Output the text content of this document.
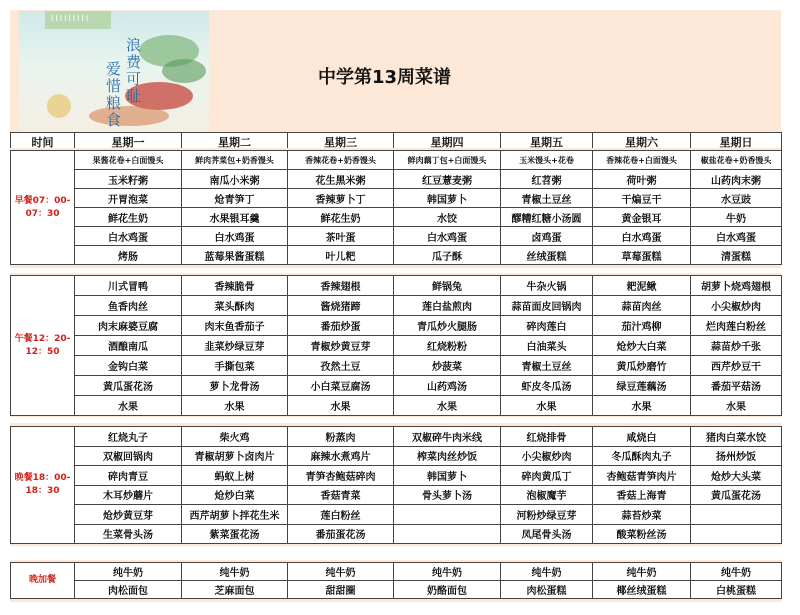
IIIIIIIII
浪费可耻
爱惜粮食	中学第13周菜谱
时间	星期一	星期二	星期三	星期四	星期五	星期六	星期日
早餐07：00-07：30	果酱花卷+白面馒头	鲜肉荠菜包+奶香馒头	香辣花卷+奶香馒头	鲜肉藕丁包+白面馒头	玉米馒头+花卷	香辣花卷+白面馒头	椒盐花卷+奶香馒头
	玉米籽粥	南瓜小米粥	花生黑米粥	红豆薏麦粥	红苕粥	荷叶粥	山药肉末粥
	开胃泡菜	炝青笋丁	香辣萝卜丁	韩国萝卜	青椒土豆丝	干煸豆干	水豆豉
	鲜花生奶	水果银耳羹	鲜花生奶	水饺	醪糟红糖小汤圆	黄金银耳	牛奶
	白水鸡蛋	白水鸡蛋	茶叶蛋	白水鸡蛋	卤鸡蛋	白水鸡蛋	白水鸡蛋
	烤肠	蓝莓果酱蛋糕	叶儿粑	瓜子酥	丝绒蛋糕	草莓蛋糕	清蛋糕
午餐12：20-12：50	川式冒鸭	香辣脆骨	香辣翅根	鲜锅兔	牛杂火锅	耙泥鳅	胡萝卜烧鸡翅根
	鱼香肉丝	菜头酥肉	酱烧猪蹄	莲白盐煎肉	蒜苗面皮回锅肉	蒜苗肉丝	小尖椒炒肉
	肉末麻婆豆腐	肉末鱼香茄子	番茄炒蛋	青瓜炒火腿肠	碎肉莲白	茄汁鸡柳	烂肉莲白粉丝
	酒酿南瓜	韭菜炒绿豆芽	青椒炒黄豆芽	红烧粉粉	白油菜头	炝炒大白菜	蒜苗炒千张
	金钩白菜	手撕包菜	孜然土豆	炒菠菜	青椒土豆丝	黄瓜炒磨竹	西芹炒豆干
	黄瓜蛋花汤	萝卜龙骨汤	小白菜豆腐汤	山药鸡汤	虾皮冬瓜汤	绿豆莲藕汤	番茄平菇汤
	水果	水果	水果	水果	水果	水果	水果
晚餐18：00-18：30	红烧丸子	柴火鸡	粉蒸肉	双椒碎牛肉米线	红烧排骨	咸烧白	猪肉白菜水饺
	双椒回锅肉	青椒胡萝卜卤肉片	麻辣水煮鸡片	榨菜肉丝炒饭	小尖椒炒肉	冬瓜酥肉丸子	扬州炒饭
	碎肉青豆	蚂蚁上树	青笋杏鲍菇碎肉	韩国萝卜	碎肉黄瓜丁	杏鲍菇青笋肉片	炝炒大头菜
	木耳炒蘑片	炝炒白菜	香菇青菜	骨头萝卜汤	泡椒魔芋	香菇上海青	黄瓜蛋花汤
	炝炒黄豆芽	西芹胡萝卜拌花生米	莲白粉丝		河粉炒绿豆芽	蒜苔炒菜	
	生菜骨头汤	紫菜蛋花汤	番茄蛋花汤		凤尾骨头汤	酸菜粉丝汤	
晚加餐	纯牛奶	纯牛奶	纯牛奶	纯牛奶	纯牛奶	纯牛奶	纯牛奶
	肉松面包	芝麻面包	甜甜圈	奶酪面包	肉松蛋糕	椰丝绒蛋糕	白桃蛋糕
